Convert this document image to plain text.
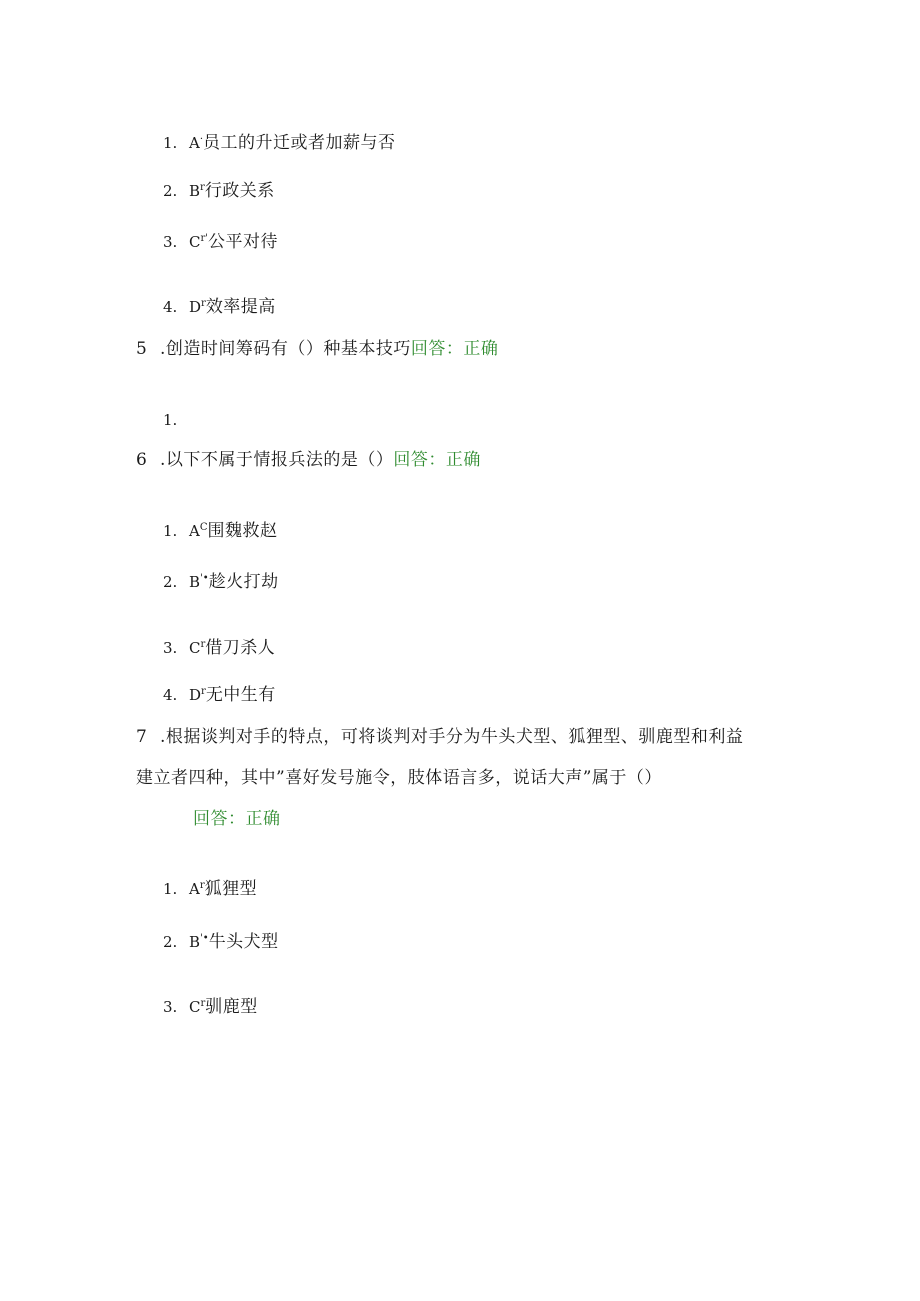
1. A·员工的升迁或者加薪与否
2. $B^r$行政关系
3. $C^{r'}$公平对待
4. $D^r$效率提高
5 .创造时间筹码有（）种基本技巧回答：正确
1.
6 .以下不属于情报兵法的是（）回答：正确
1. $A^C$围魏救赵
2. B'•趁火打劫
3. $C^r$借刀杀人
4. $D^r$无中生有
7 .根据谈判对手的特点，可将谈判对手分为牛头犬型、狐狸型、驯鹿型和利益
建立者四种，其中”喜好发号施令，肢体语言多，说话大声”属于（）
回答：正确
1. $A^r$狐狸型
2. B'•牛头犬型
3. $C^r$驯鹿型
